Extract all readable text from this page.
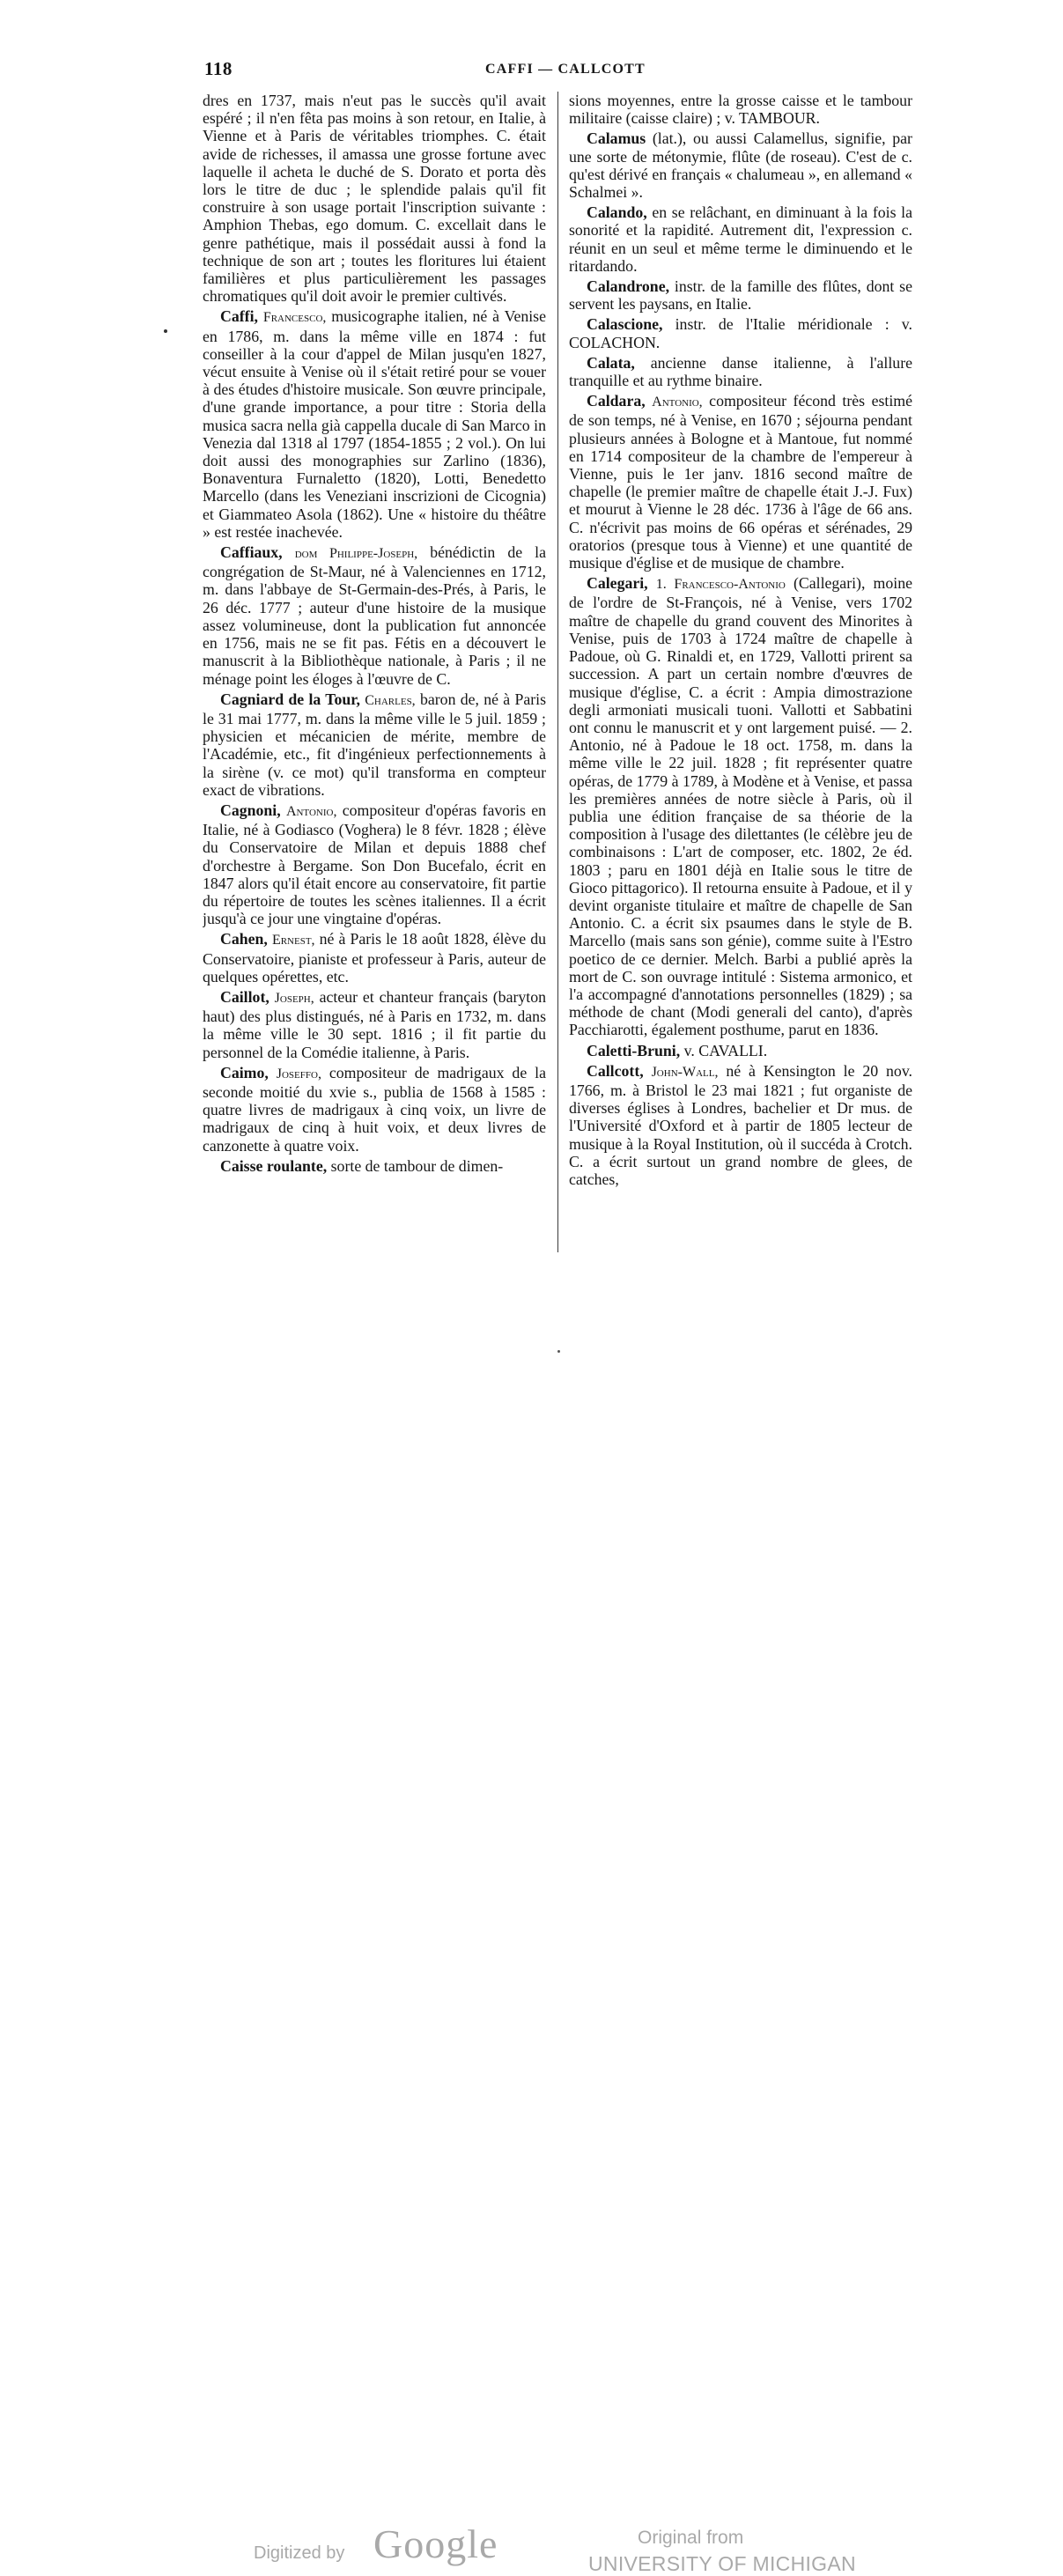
118	CAFFI — CALLCOTT

dres en 1737, mais n'eut pas le succès qu'il avait espéré ; il n'en fêta pas moins à son retour, en Italie, à Vienne et à Paris de véritables triomphes. C. était avide de richesses, il amassa une grosse fortune avec laquelle il acheta le duché de S. Dorato et porta dès lors le titre de duc ; le splendide palais qu'il fit construire à son usage portait l'inscription suivante : Amphion Thebas, ego domum. C. excellait dans le genre pathétique, mais il possédait aussi à fond la technique de son art ; toutes les floritures lui étaient familières et plus particulièrement les passages chromatiques qu'il doit avoir le premier cultivés.

Caffi, Francesco, musicographe italien, né à Venise en 1786, m. dans la même ville en 1874 : fut conseiller à la cour d'appel de Milan jusqu'en 1827, vécut ensuite à Venise où il s'était retiré pour se vouer à des études d'histoire musicale. Son œuvre principale, d'une grande importance, a pour titre : Storia della musica sacra nella già cappella ducale di San Marco in Venezia dal 1318 al 1797 (1854-1855 ; 2 vol.). On lui doit aussi des monographies sur Zarlino (1836), Bonaventura Furnaletto (1820), Lotti, Benedetto Marcello (dans les Veneziani inscrizioni de Cicognia) et Giammateo Asola (1862). Une « histoire du théâtre » est restée inachevée.

Caffiaux, dom Philippe-Joseph, bénédictin de la congrégation de St-Maur, né à Valenciennes en 1712, m. dans l'abbaye de St-Germain-des-Prés, à Paris, le 26 déc. 1777 ; auteur d'une histoire de la musique assez volumineuse, dont la publication fut annoncée en 1756, mais ne se fit pas. Fétis en a découvert le manuscrit à la Bibliothèque nationale, à Paris ; il ne ménage point les éloges à l'œuvre de C.

Cagniard de la Tour, Charles, baron de, né à Paris le 31 mai 1777, m. dans la même ville le 5 juil. 1859 ; physicien et mécanicien de mérite, membre de l'Académie, etc., fit d'ingénieux perfectionnements à la sirène (v. ce mot) qu'il transforma en compteur exact de vibrations.

Cagnoni, Antonio, compositeur d'opéras favoris en Italie, né à Godiasco (Voghera) le 8 févr. 1828 ; élève du Conservatoire de Milan et depuis 1888 chef d'orchestre à Bergame. Son Don Bucefalo, écrit en 1847 alors qu'il était encore au conservatoire, fit partie du répertoire de toutes les scènes italiennes. Il a écrit jusqu'à ce jour une vingtaine d'opéras.

Cahen, Ernest, né à Paris le 18 août 1828, élève du Conservatoire, pianiste et professeur à Paris, auteur de quelques opérettes, etc.

Caillot, Joseph, acteur et chanteur français (baryton haut) des plus distingués, né à Paris en 1732, m. dans la même ville le 30 sept. 1816 ; il fit partie du personnel de la Comédie italienne, à Paris.

Caimo, Joseffo, compositeur de madrigaux de la seconde moitié du xvie s., publia de 1568 à 1585 : quatre livres de madrigaux à cinq voix, un livre de madrigaux de cinq à huit voix, et deux livres de canzonette à quatre voix.

Caisse roulante, sorte de tambour de dimen-

sions moyennes, entre la grosse caisse et le tambour militaire (caisse claire) ; v. TAMBOUR.

Calamus (lat.), ou aussi Calamellus, signifie, par une sorte de métonymie, flûte (de roseau). C'est de c. qu'est dérivé en français « chalumeau », en allemand « Schalmei ».

Calando, en se relâchant, en diminuant à la fois la sonorité et la rapidité. Autrement dit, l'expression c. réunit en un seul et même terme le diminuendo et le ritardando.

Calandrone, instr. de la famille des flûtes, dont se servent les paysans, en Italie.

Calascione, instr. de l'Italie méridionale : v. COLACHON.

Calata, ancienne danse italienne, à l'allure tranquille et au rythme binaire.

Caldara, Antonio, compositeur fécond très estimé de son temps, né à Venise, en 1670 ; séjourna pendant plusieurs années à Bologne et à Mantoue, fut nommé en 1714 compositeur de la chambre de l'empereur à Vienne, puis le 1er janv. 1816 second maître de chapelle (le premier maître de chapelle était J.-J. Fux) et mourut à Vienne le 28 déc. 1736 à l'âge de 66 ans. C. n'écrivit pas moins de 66 opéras et sérénades, 29 oratorios (presque tous à Vienne) et une quantité de musique d'église et de musique de chambre.

Calegari, 1. Francesco-Antonio (Callegari), moine de l'ordre de St-François, né à Venise, vers 1702 maître de chapelle du grand couvent des Minorites à Venise, puis de 1703 à 1724 maître de chapelle à Padoue, où G. Rinaldi et, en 1729, Vallotti prirent sa succession. A part un certain nombre d'œuvres de musique d'église, C. a écrit : Ampia dimostrazione degli armoniati musicali tuoni. Vallotti et Sabbatini ont connu le manuscrit et y ont largement puisé. — 2. Antonio, né à Padoue le 18 oct. 1758, m. dans la même ville le 22 juil. 1828 ; fit représenter quatre opéras, de 1779 à 1789, à Modène et à Venise, et passa les premières années de notre siècle à Paris, où il publia une édition française de sa théorie de la composition à l'usage des dilettantes (le célèbre jeu de combinaisons : L'art de composer, etc. 1802, 2e éd. 1803 ; paru en 1801 déjà en Italie sous le titre de Gioco pittagorico). Il retourna ensuite à Padoue, et il y devint organiste titulaire et maître de chapelle de San Antonio. C. a écrit six psaumes dans le style de B. Marcello (mais sans son génie), comme suite à l'Estro poetico de ce dernier. Melch. Barbi a publié après la mort de C. son ouvrage intitulé : Sistema armonico, et l'a accompagné d'annotations personnelles (1829) ; sa méthode de chant (Modi generali del canto), d'après Pacchiarotti, également posthume, parut en 1836.

Caletti-Bruni, v. CAVALLI.

Callcott, John-Wall, né à Kensington le 20 nov. 1766, m. à Bristol le 23 mai 1821 ; fut organiste de diverses églises à Londres, bachelier et Dr mus. de l'Université d'Oxford et à partir de 1805 lecteur de musique à la Royal Institution, où il succéda à Crotch. C. a écrit surtout un grand nombre de glees, de catches,

Digitized by Google	Original from
UNIVERSITY OF MICHIGAN
